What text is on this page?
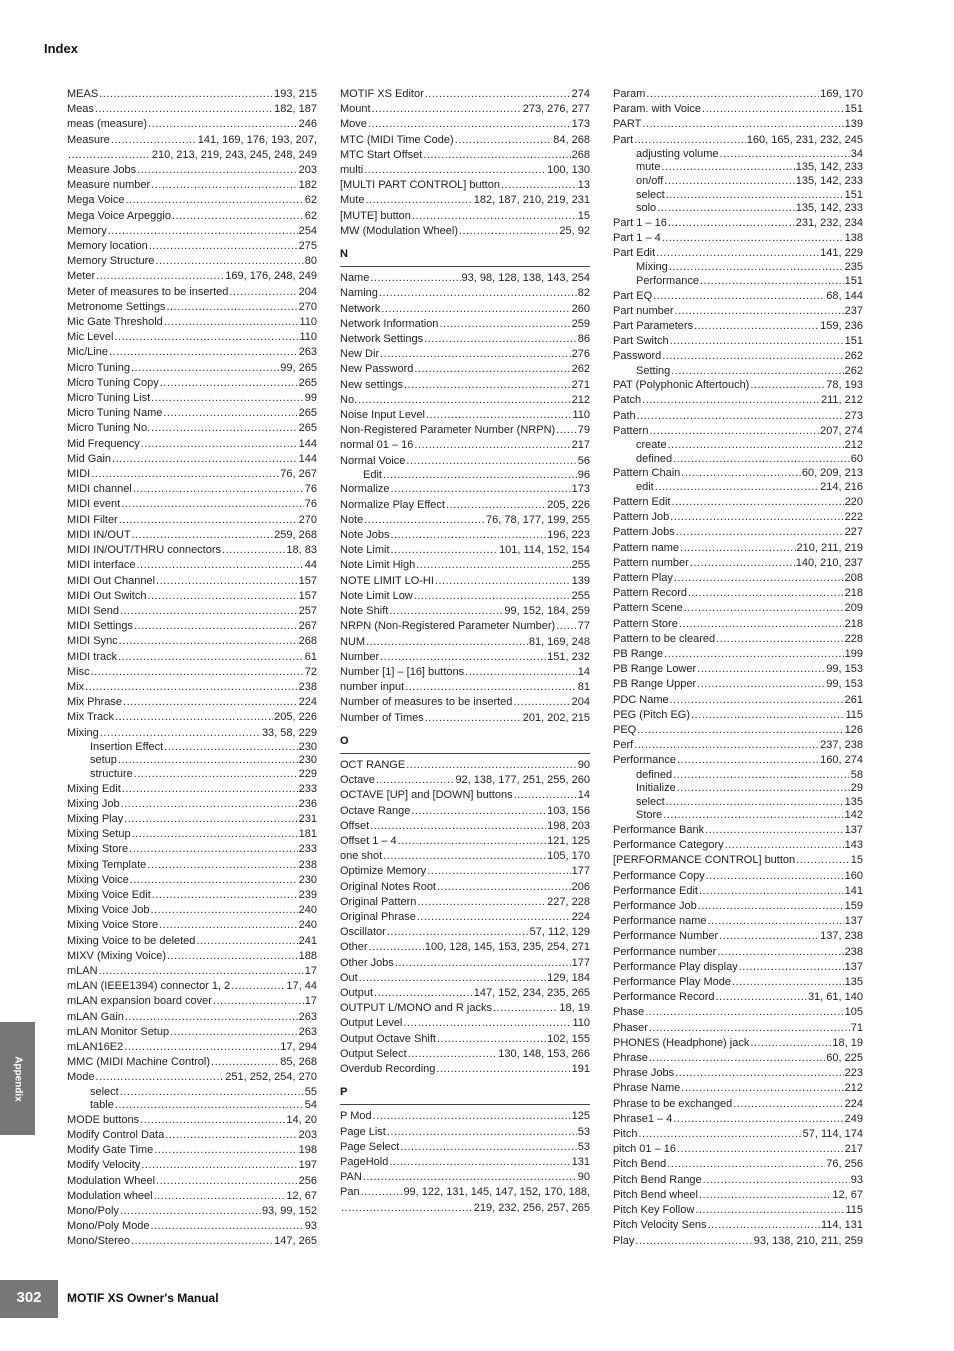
Index
MEAS .....	193, 215
Meas .....	182, 187
meas (measure) .....	246
Measure .....	141, 169, 176, 193, 207,
.....
210, 213, 219, 243, 245, 248, 249
Measure Jobs .....	203
Measure number .....	182
Mega Voice .....	62
Mega Voice Arpeggio .....	62
Memory .....	254
Memory location .....	275
Memory Structure .....	80
Meter .....	169, 176, 248, 249
Meter of measures to be inserted .....	204
Metronome Settings .....	270
Mic Gate Threshold .....	110
Mic Level .....	110
Mic/Line .....	263
Micro Tuning .....	99, 265
Micro Tuning Copy .....	265
Micro Tuning List .....	99
Micro Tuning Name .....	265
Micro Tuning No. .....	265
Mid Frequency .....	144
Mid Gain .....	144
MIDI .....	76, 267
MIDI channel .....	76
MIDI event .....	76
MIDI Filter .....	270
MIDI IN/OUT .....	259, 268
MIDI IN/OUT/THRU connectors .....	18, 83
MIDI interface .....	44
MIDI Out Channel .....	157
MIDI Out Switch .....	157
MIDI Send .....	257
MIDI Settings .....	267
MIDI Sync .....	268
MIDI track .....	61
Misc .....	72
Mix .....	238
Mix Phrase .....	224
Mix Track .....	205, 226
Mixing .....	33, 58, 229
Insertion Effect .....	230
setup .....	230
structure .....	229
Mixing Edit .....	233
Mixing Job .....	236
Mixing Play .....	231
Mixing Setup .....	181
Mixing Store .....	233
Mixing Template .....	238
Mixing Voice .....	230
Mixing Voice Edit .....	239
Mixing Voice Job .....	240
Mixing Voice Store .....	240
Mixing Voice to be deleted .....	241
MIXV (Mixing Voice) .....	188
mLAN .....	17
mLAN (IEEE1394) connector 1, 2 .....	17, 44
mLAN expansion board cover .....	17
mLAN Gain .....	263
mLAN Monitor Setup .....	263
mLAN16E2 .....	17, 294
MMC (MIDI Machine Control) .....	85, 268
Mode .....	251, 252, 254, 270
select .....	55
table .....	54
MODE buttons .....	14, 20
Modify Control Data .....	203
Modify Gate Time .....	198
Modify Velocity .....	197
Modulation Wheel .....	256
Modulation wheel .....	12, 67
Mono/Poly .....	93, 99, 152
Mono/Poly Mode .....	93
Mono/Stereo .....	147, 265
MOTIF XS Editor .....	274
Mount .....	273, 276, 277
Move .....	173
MTC (MIDI Time Code) .....	84, 268
MTC Start Offset .....	268
multi .....	100, 130
[MULTI PART CONTROL] button .....	13
Mute .....	182, 187, 210, 219, 231
[MUTE] button .....	15
MW (Modulation Wheel) .....	25, 92
N
Name .....	93, 98, 128, 138, 143, 254
Naming .....	82
Network .....	260
Network Information .....	259
Network Settings .....	86
New Dir .....	276
New Password .....	262
New settings .....	271
No. .....	212
Noise Input Level .....	110
Non-Registered Parameter Number (NRPN) ..... 79
normal 01 – 16 .....	217
Normal Voice .....	56
Edit .....	96
Normalize .....	173
Normalize Play Effect .....	205, 226
Note .....	76, 78, 177, 199, 255
Note Jobs .....	196, 223
Note Limit .....	101, 114, 152, 154
Note Limit High .....	255
NOTE LIMIT LO-HI .....	139
Note Limit Low .....	255
Note Shift .....	99, 152, 184, 259
NRPN (Non-Registered Parameter Number) ..... 77
NUM .....	81, 169, 248
Number .....	151, 232
Number [1] – [16] buttons .....	14
number input .....	81
Number of measures to be inserted .....	204
Number of Times .....	201, 202, 215
O
OCT RANGE .....	90
Octave .....	92, 138, 177, 251, 255, 260
OCTAVE [UP] and [DOWN] buttons .....	14
Octave Range .....	103, 156
Offset .....	198, 203
Offset 1 – 4 .....	121, 125
one shot .....	105, 170
Optimize Memory .....	177
Original Notes Root .....	206
Original Pattern .....	227, 228
Original Phrase .....	224
Oscillator .....	57, 112, 129
Other .....	100, 128, 145, 153, 235, 254, 271
Other Jobs .....	177
Out .....	129, 184
Output .....	147, 152, 234, 235, 265
OUTPUT L/MONO and R jacks .....	18, 19
Output Level .....	110
Output Octave Shift .....	102, 155
Output Select .....	130, 148, 153, 266
Overdub Recording .....	191
P
P Mod .....	125
Page List .....	53
Page Select .....	53
PageHold .....	131
PAN .....	90
Pan .....	99, 122, 131, 145, 147, 152, 170, 188,
.....
219, 232, 256, 257, 265
Param .....	169, 170
Param. with Voice .....	151
PART .....	139
Part .....	160, 165, 231, 232, 245
adjusting volume .....	34
mute .....	135, 142, 233
on/off .....	135, 142, 233
select .....	151
solo .....	135, 142, 233
Part 1 – 16 .....	231, 232, 234
Part 1 – 4 .....	138
Part Edit .....	141, 229
Mixing .....	235
Performance .....	151
Part EQ .....	68, 144
Part number .....	237
Part Parameters .....	159, 236
Part Switch .....	151
Password .....	262
Setting .....	262
PAT (Polyphonic Aftertouch) .....	78, 193
Patch .....	211, 212
Path .....	273
Pattern .....	207, 274
create .....	212
defined .....	60
Pattern Chain .....	60, 209, 213
edit .....	214, 216
Pattern Edit .....	220
Pattern Job .....	222
Pattern Jobs .....	227
Pattern name .....	210, 211, 219
Pattern number .....	140, 210, 237
Pattern Play .....	208
Pattern Record .....	218
Pattern Scene .....	209
Pattern Store .....	218
Pattern to be cleared .....	228
PB Range .....	199
PB Range Lower .....	99, 153
PB Range Upper .....	99, 153
PDC Name .....	261
PEG (Pitch EG) .....	115
PEQ .....	126
Perf .....	237, 238
Performance .....	160, 274
defined .....	58
Initialize .....	29
select .....	135
Store .....	142
Performance Bank .....	137
Performance Category .....	143
[PERFORMANCE CONTROL] button .....	15
Performance Copy .....	160
Performance Edit .....	141
Performance Job .....	159
Performance name .....	137
Performance Number .....	137, 238
Performance number .....	238
Performance Play display .....	137
Performance Play Mode .....	135
Performance Record .....	31, 61, 140
Phase .....	105
Phaser .....	71
PHONES (Headphone) jack .....	18, 19
Phrase .....	60, 225
Phrase Jobs .....	223
Phrase Name .....	212
Phrase to be exchanged .....	224
Phrase1 – 4 .....	249
Pitch .....	57, 114, 174
pitch 01 – 16 .....	217
Pitch Bend .....	76, 256
Pitch Bend Range .....	93
Pitch Bend wheel .....	12, 67
Pitch Key Follow .....	115
Pitch Velocity Sens .....	114, 131
Play .....	93, 138, 210, 211, 259
Appendix
302	MOTIF XS Owner's Manual
